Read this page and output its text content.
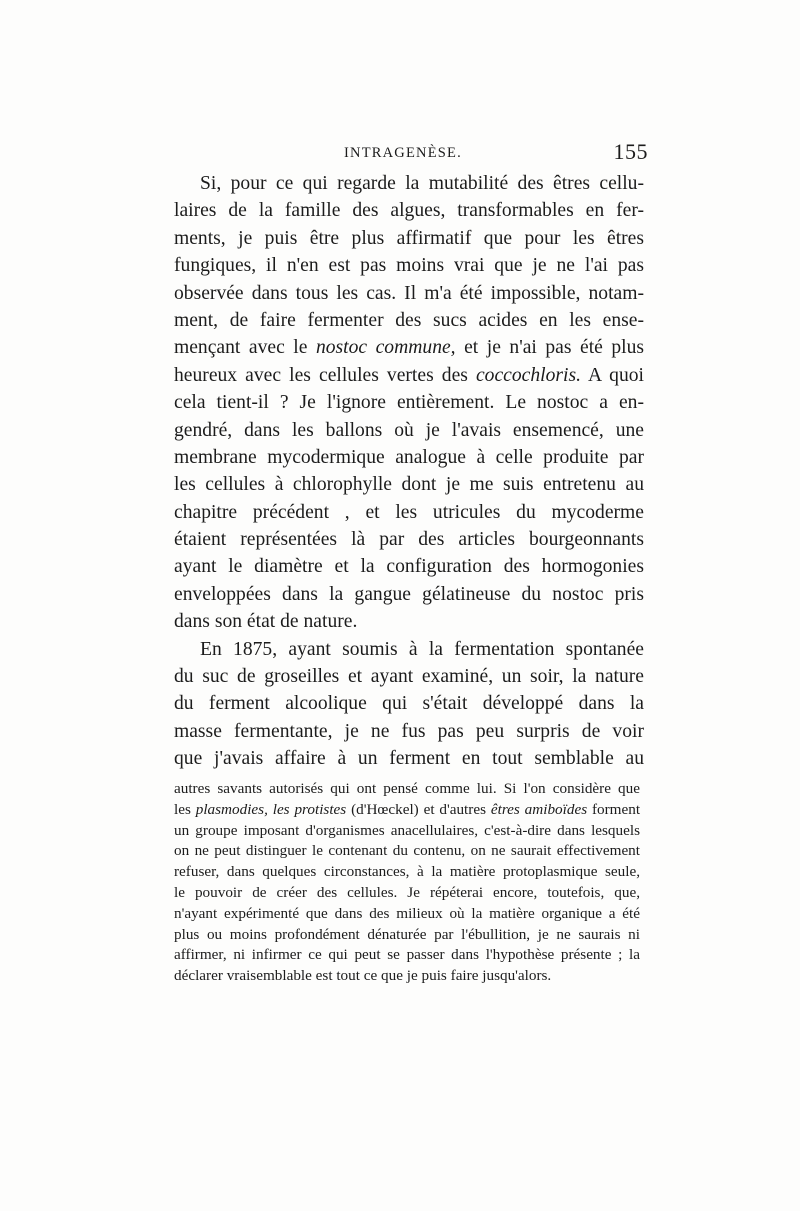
INTRAGENÈSE.	155
Si, pour ce qui regarde la mutabilité des êtres cellu-
laires de la famille des algues, transformables en fer-
ments, je puis être plus affirmatif que pour les êtres
fungiques, il n'en est pas moins vrai que je ne l'ai pas
observée dans tous les cas. Il m'a été impossible, notam-
ment, de faire fermenter des sucs acides en les ense-
mençant avec le nostoc commune, et je n'ai pas été plus
heureux avec les cellules vertes des coccochloris. A quoi
cela tient-il ? Je l'ignore entièrement. Le nostoc a en-
gendré, dans les ballons où je l'avais ensemencé, une
membrane mycodermique analogue à celle produite par
les cellules à chlorophylle dont je me suis entretenu au
chapitre précédent , et les utricules du mycoderme
étaient représentées là par des articles bourgeonnants
ayant le diamètre et la configuration des hormogonies
enveloppées dans la gangue gélatineuse du nostoc pris
dans son état de nature.
En 1875, ayant soumis à la fermentation spontanée
du suc de groseilles et ayant examiné, un soir, la nature
du ferment alcoolique qui s'était développé dans la
masse fermentante, je ne fus pas peu surpris de voir
que j'avais affaire à un ferment en tout semblable au
autres savants autorisés qui ont pensé comme lui. Si l'on considère que
les plasmodies, les protistes (d'Hœckel) et d'autres êtres amiboïdes forment
un groupe imposant d'organismes anacellulaires, c'est-à-dire dans lesquels
on ne peut distinguer le contenant du contenu, on ne saurait effectivement
refuser, dans quelques circonstances, à la matière protoplasmique seule,
le pouvoir de créer des cellules. Je répéterai encore, toutefois, que,
n'ayant expérimenté que dans des milieux où la matière organique a été
plus ou moins profondément dénaturée par l'ébullition, je ne saurais ni
affirmer, ni infirmer ce qui peut se passer dans l'hypothèse présente ; la
déclarer vraisemblable est tout ce que je puis faire jusqu'alors.
